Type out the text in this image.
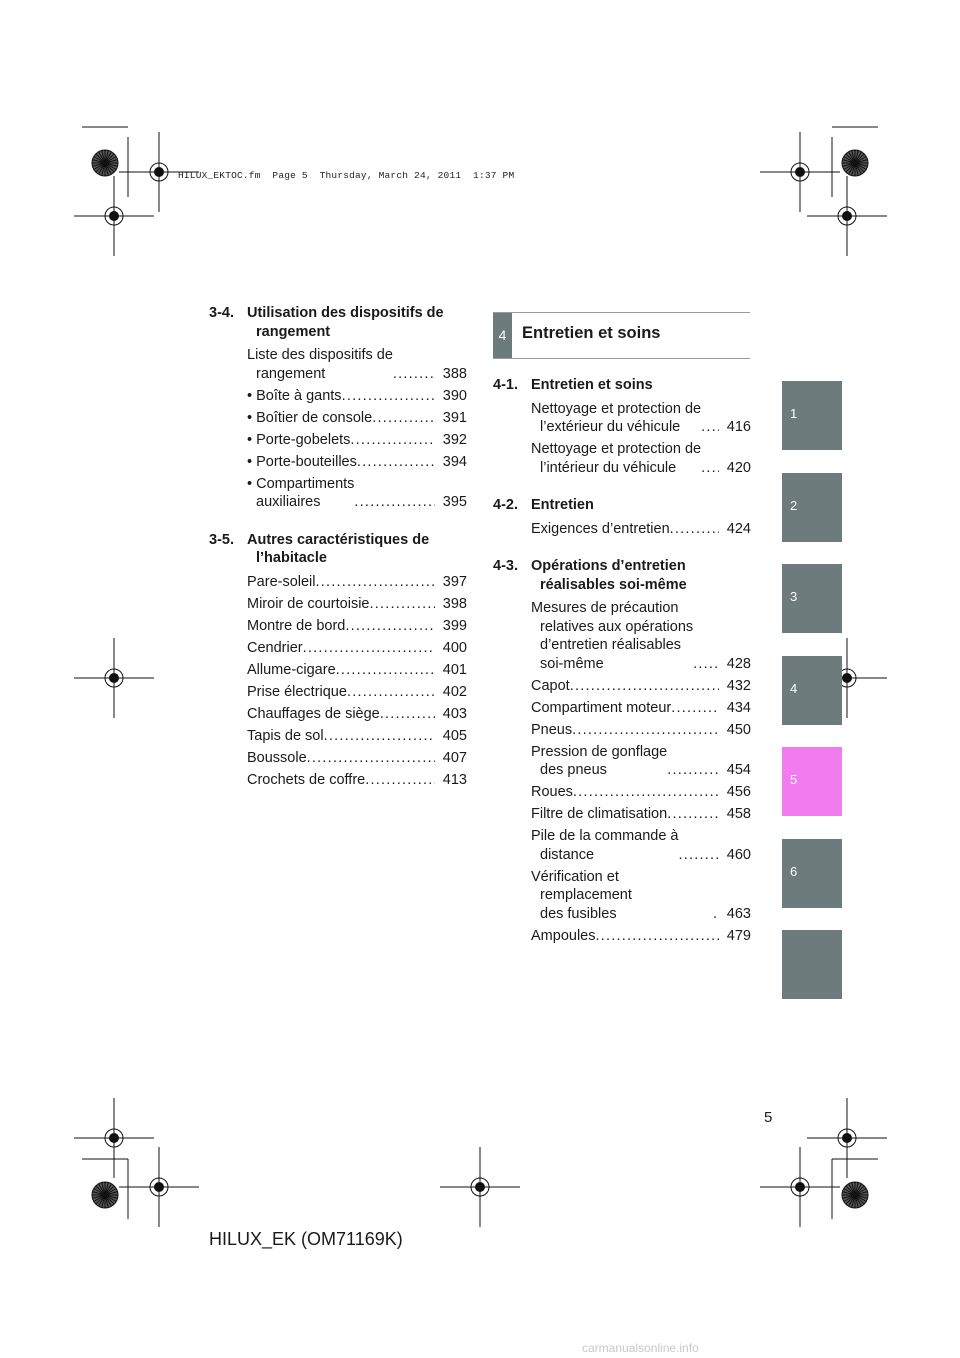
HILUX_EKTOC.fm  Page 5  Thursday, March 24, 2011  1:37 PM
3-4. Utilisation des dispositifs de rangement
Liste des dispositifs de
rangement . . .	388
• Boîte à gants . . .	390
• Boîtier de console . . .	391
• Porte-gobelets . . .	392
• Porte-bouteilles . . .	394
• Compartiments
auxiliaires . . .	395
3-5. Autres caractéristiques de l’habitacle
Pare-soleil . . .	397
Miroir de courtoisie . . .	398
Montre de bord . . .	399
Cendrier . . .	400
Allume-cigare . . .	401
Prise électrique . . .	402
Chauffages de siège . . .	403
Tapis de sol . . .	405
Boussole . . .	407
Crochets de coffre . . .	413
4 Entretien et soins
4-1. Entretien et soins
Nettoyage et protection de
l’extérieur du véhicule . . .	416
Nettoyage et protection de
l’intérieur du véhicule . . .	420
4-2. Entretien
Exigences d’entretien . . .	424
4-3. Opérations d’entretien réalisables soi-même
Mesures de précaution
relatives aux opérations
d’entretien réalisables
soi-même . . .	428
Capot . . .	432
Compartiment moteur . . .	434
Pneus . . .	450
Pression de gonflage
des pneus . . .	454
Roues . . .	456
Filtre de climatisation . . .	458
Pile de la commande à
distance . . .	460
Vérification et remplacement
des fusibles . . .	463
Ampoules . . .	479
1
2
3
4
5
6
5
HILUX_EK (OM71169K)
carmanualsonline.info
